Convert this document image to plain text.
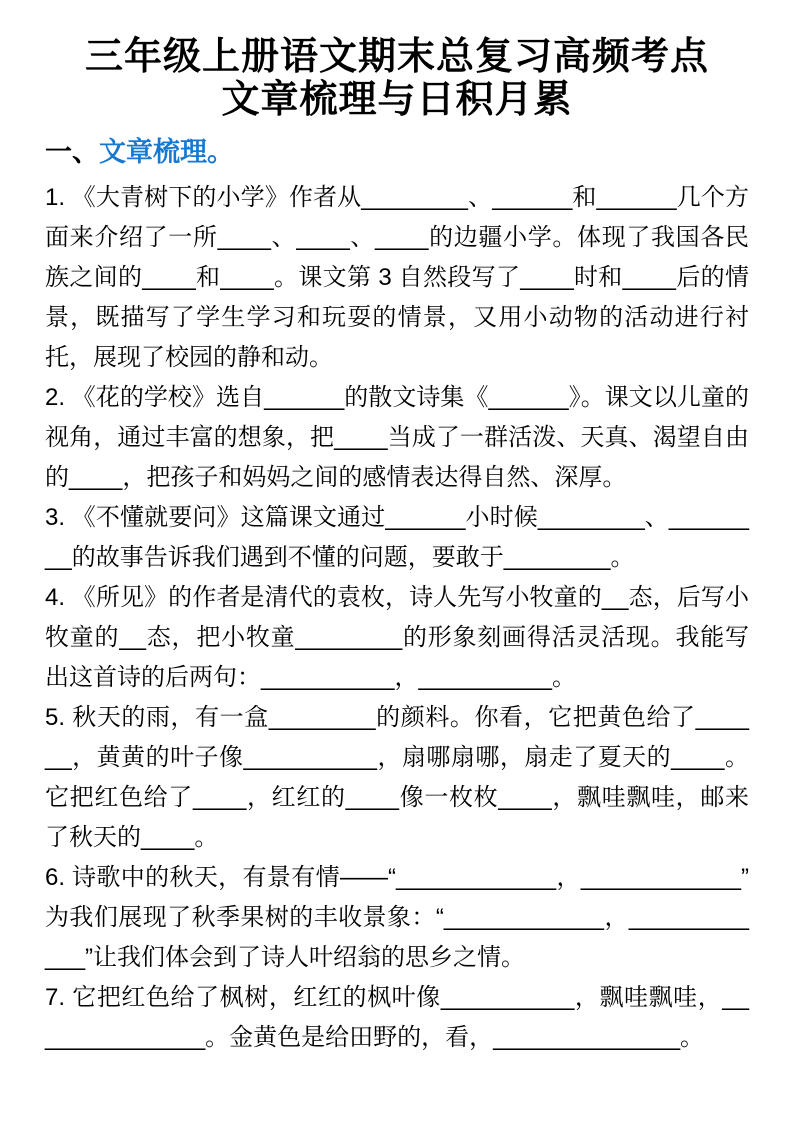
三年级上册语文期末总复习高频考点
文章梳理与日积月累
一、文章梳理。

1. 《大青树下的小学》作者从________、______和______几个方面来介绍了一所____、____、____的边疆小学。体现了我国各民族之间的____和____。课文第 3 自然段写了____时和____后的情景，既描写了学生学习和玩耍的情景，又用小动物的活动进行衬托，展现了校园的静和动。

2. 《花的学校》选自______的散文诗集《______》。课文以儿童的视角，通过丰富的想象，把____当成了一群活泼、天真、渴望自由的____，把孩子和妈妈之间的感情表达得自然、深厚。

3. 《不懂就要问》这篇课文通过______小时候________、________的故事告诉我们遇到不懂的问题，要敢于________。

4. 《所见》的作者是清代的袁枚，诗人先写小牧童的__态，后写小牧童的__态，把小牧童________的形象刻画得活灵活现。我能写出这首诗的后两句：__________，__________。

5. 秋天的雨，有一盒________的颜料。你看，它把黄色给了______，黄黄的叶子像__________，扇哪扇哪，扇走了夏天的____。它把红色给了____，红红的____像一枚枚____，飘哇飘哇，邮来了秋天的____。

6. 诗歌中的秋天，有景有情——“____________，____________”为我们展现了秋季果树的丰收景象：“____________，____________”让我们体会到了诗人叶绍翁的思乡之情。

7. 它把红色给了枫树，红红的枫叶像__________，飘哇飘哇，______________。金黄色是给田野的，看，______________。
